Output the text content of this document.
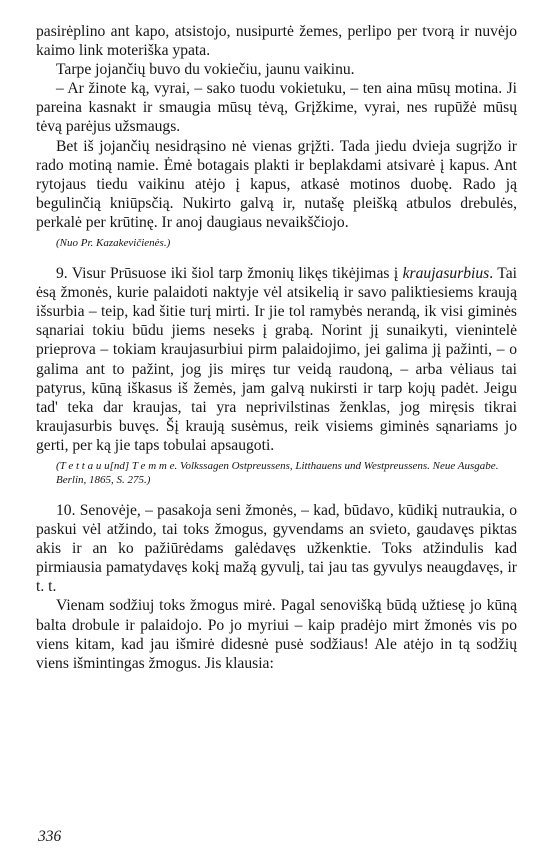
pasirėplino ant kapo, atsistojo, nusipurtė žemes, perlipo per tvorą ir nuvėjo kaimo link moteriška ypata.

Tarpe jojančių buvo du vokiečiu, jaunu vaikinu.

– Ar žinote ką, vyrai, – sako tuodu vokietuku, – ten aina mūsų motina. Ji pareina kasnakt ir smaugia mūsų tėvą, Grįžkime, vyrai, nes rupūžė mūsų tėvą parėjus užsmaugs.

Bet iš jojančių nesidrąsino nė vienas grįžti. Tada jiedu dvieja sugrįžo ir rado motiną namie. Ėmė botagais plakti ir beplakdami atsivarė į kapus. Ant rytojaus tiedu vaikinu atėjo į kapus, atkasė motinos duobę. Rado ją begulinčią kniūpsčią. Nukirto galvą ir, nutašę pleišką atbulos drebulės, perkalė per krūtinę. Ir anoj daugiaus nevaikščiojo.

(Nuo Pr. Kazakevičienės.)

9. Visur Prūsuose iki šiol tarp žmonių likęs tikėjimas į kraujasurbius. Tai ėsą žmonės, kurie palaidoti naktyje vėl atsikelią ir savo paliktiesiems kraują išsurbia – teip, kad šitie turį mirti. Ir jie tol ramybės nerandą, ik visi giminės sąnariai tokiu būdu jiems neseks į grabą. Norint jį sunaikyti, vienintelė prieprova – tokiam kraujasurbiui pirm palaidojimo, jei galima jį pažinti, – o galima ant to pažint, jog jis miręs tur veidą raudoną, – arba vėliaus tai patyrus, kūną iškasus iš žemės, jam galvą nukirsti ir tarp kojų padėt. Jeigu tad' teka dar kraujas, tai yra neprivilstinas ženklas, jog miręsis tikrai kraujasurbis buvęs. Šį kraują susėmus, reik visiems giminės sąnariams jo gerti, per ką jie taps tobulai apsaugoti.

(T e t t a u u[nd] T e m m e. Volkssagen Ostpreussens, Litthauens und Westpreussens. Neue Ausgabe. Berlin, 1865, S. 275.)

10. Senovėje, – pasakoja seni žmonės, – kad, būdavo, kūdikį nutraukia, o paskui vėl atžindo, tai toks žmogus, gyvendams an svieto, gaudavęs piktas akis ir an ko pažiūrėdams galėdavęs užkenktie. Toks atžindulis kad pirmiausia pamatydavęs kokį mažą gyvulį, tai jau tas gyvulys neaugdavęs, ir t. t.

Vienam sodžiuj toks žmogus mirė. Pagal senovišką būdą užtiesę jo kūną balta drobule ir palaidojo. Po jo myriui – kaip pradėjo mirt žmonės vis po viens kitam, kad jau išmirė didesnė pusė sodžiaus! Ale atėjo in tą sodžių viens išmintingas žmogus. Jis klausia:

336
